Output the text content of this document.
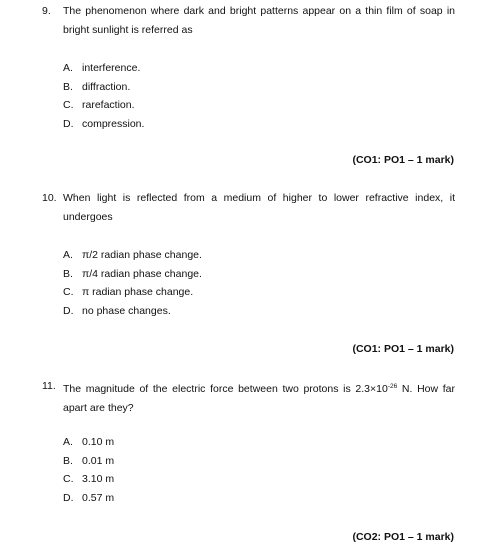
9. The phenomenon where dark and bright patterns appear on a thin film of soap in
bright sunlight is referred as
A. interference.
B. diffraction.
C. rarefaction.
D. compression.
(CO1: PO1 – 1 mark)
10. When light is reflected from a medium of higher to lower refractive index, it
undergoes
A. π/2 radian phase change.
B. π/4 radian phase change.
C. π radian phase change.
D. no phase changes.
(CO1: PO1 – 1 mark)
11. The magnitude of the electric force between two protons is $2.3\times 10^{-26}$ N. How far
apart are they?
A. 0.10 m
B. 0.01 m
C. 3.10 m
D. 0.57 m
(CO2: PO1 – 1 mark)
